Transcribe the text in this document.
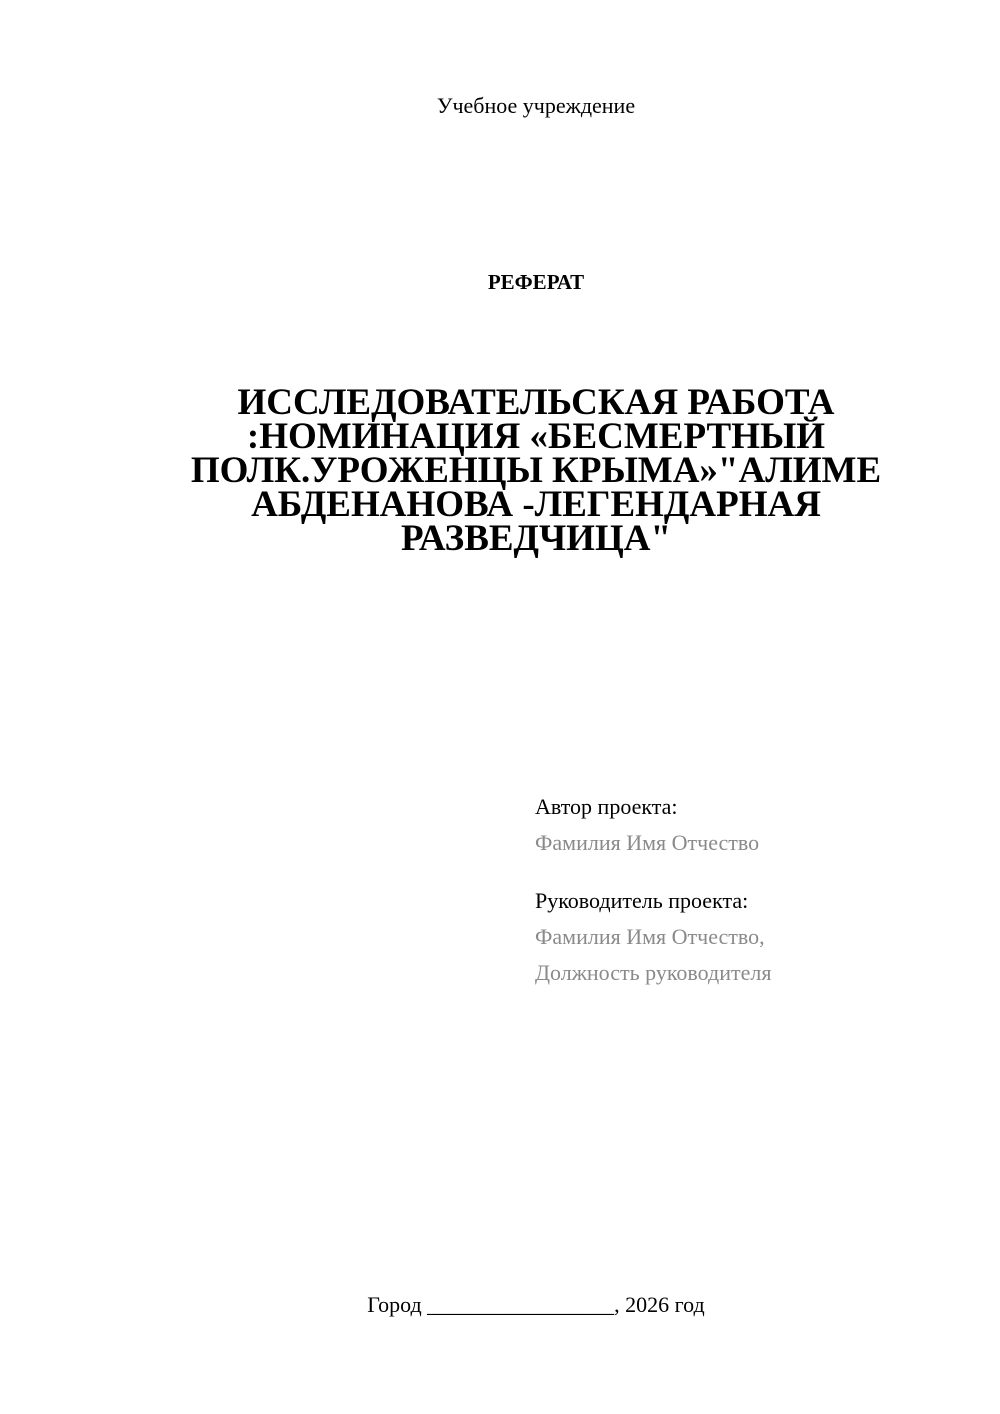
Учебное учреждение
РЕФЕРАТ
ИССЛЕДОВАТЕЛЬСКАЯ РАБОТА
:НОМИНАЦИЯ «БЕСМЕРТНЫЙ
ПОЛК.УРОЖЕНЦЫ КРЫМА»"АЛИМЕ
АБДЕНАНОВА -ЛЕГЕНДАРНАЯ
РАЗВЕДЧИЦА"
Автор проекта:
Фамилия Имя Отчество
Руководитель проекта:
Фамилия Имя Отчество,
Должность руководителя
Город _________________, 2026 год
